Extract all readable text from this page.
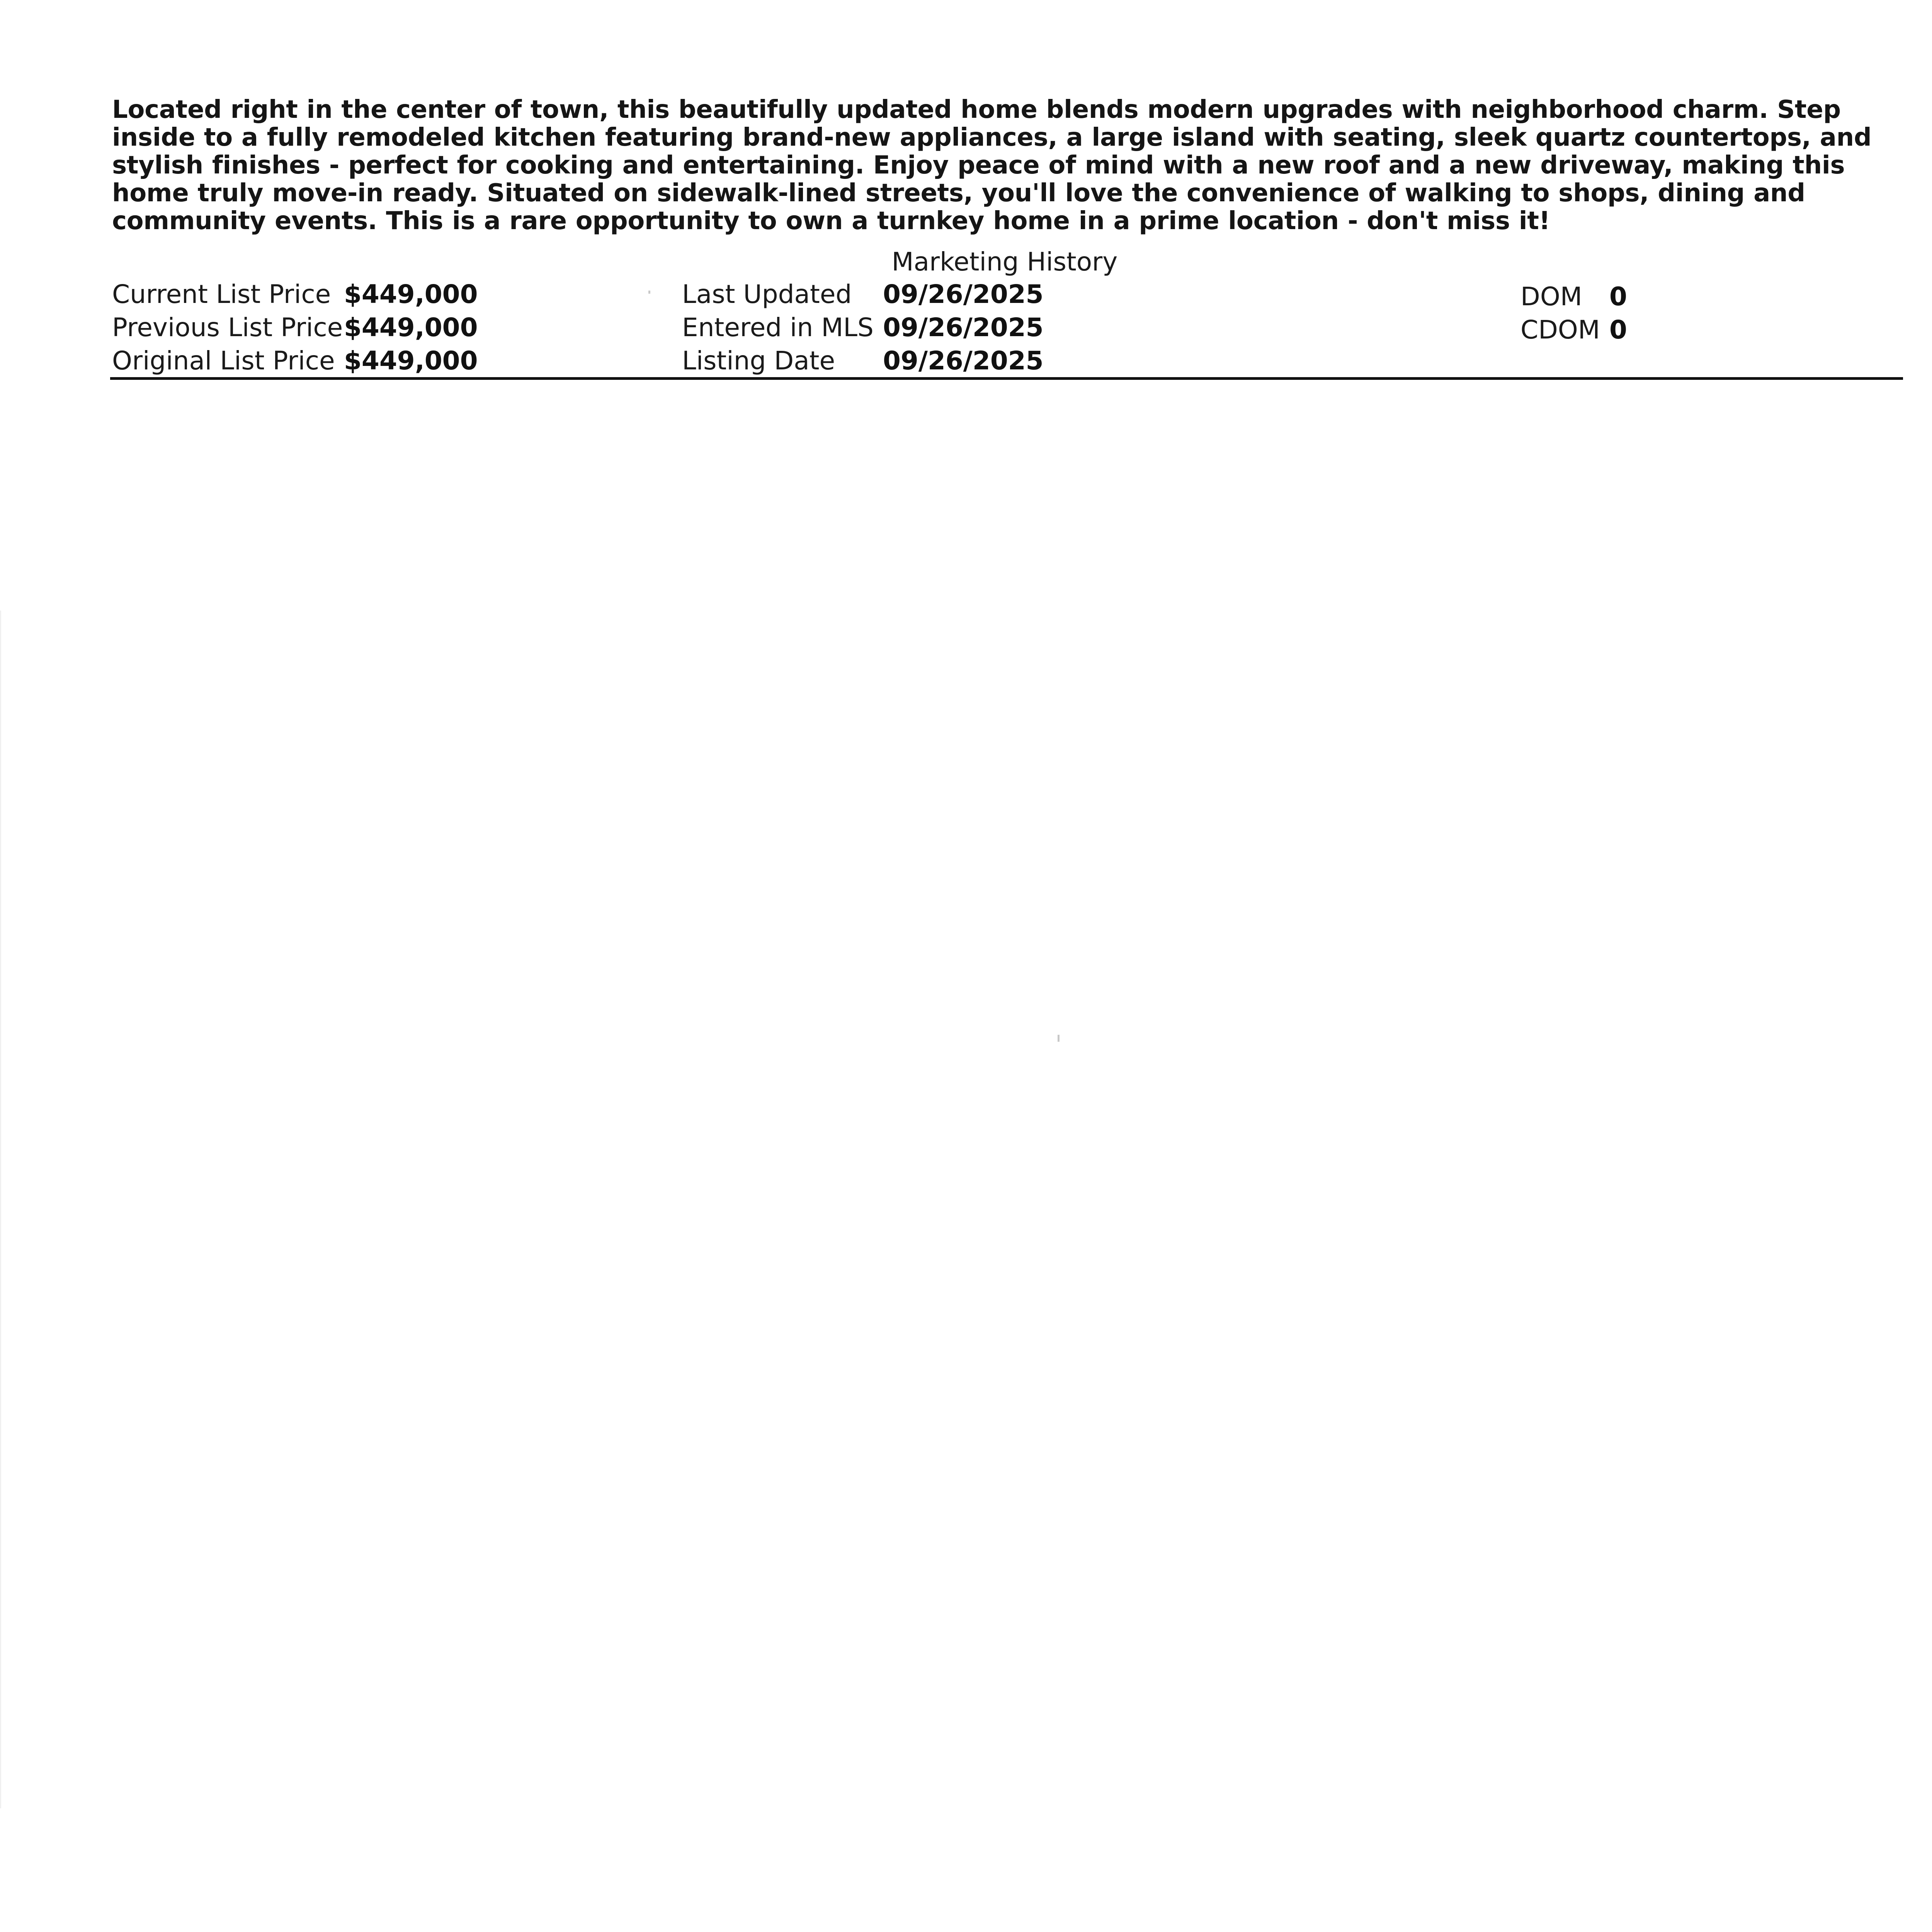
Located right in the center of town, this beautifully updated home blends modern upgrades with neighborhood charm. Step inside to a fully remodeled kitchen featuring brand-new appliances, a large island with seating, sleek quartz countertops, and stylish finishes - perfect for cooking and entertaining. Enjoy peace of mind with a new roof and a new driveway, making this home truly move-in ready. Situated on sidewalk-lined streets, you'll love the convenience of walking to shops, dining and community events. This is a rare opportunity to own a turnkey home in a prime location - don't miss it!

Marketing History
Current List Price $449,000
Previous List Price $449,000
Original List Price $449,000
Last Updated 09/26/2025
Entered in MLS 09/26/2025
Listing Date 09/26/2025
DOM 0
CDOM 0
